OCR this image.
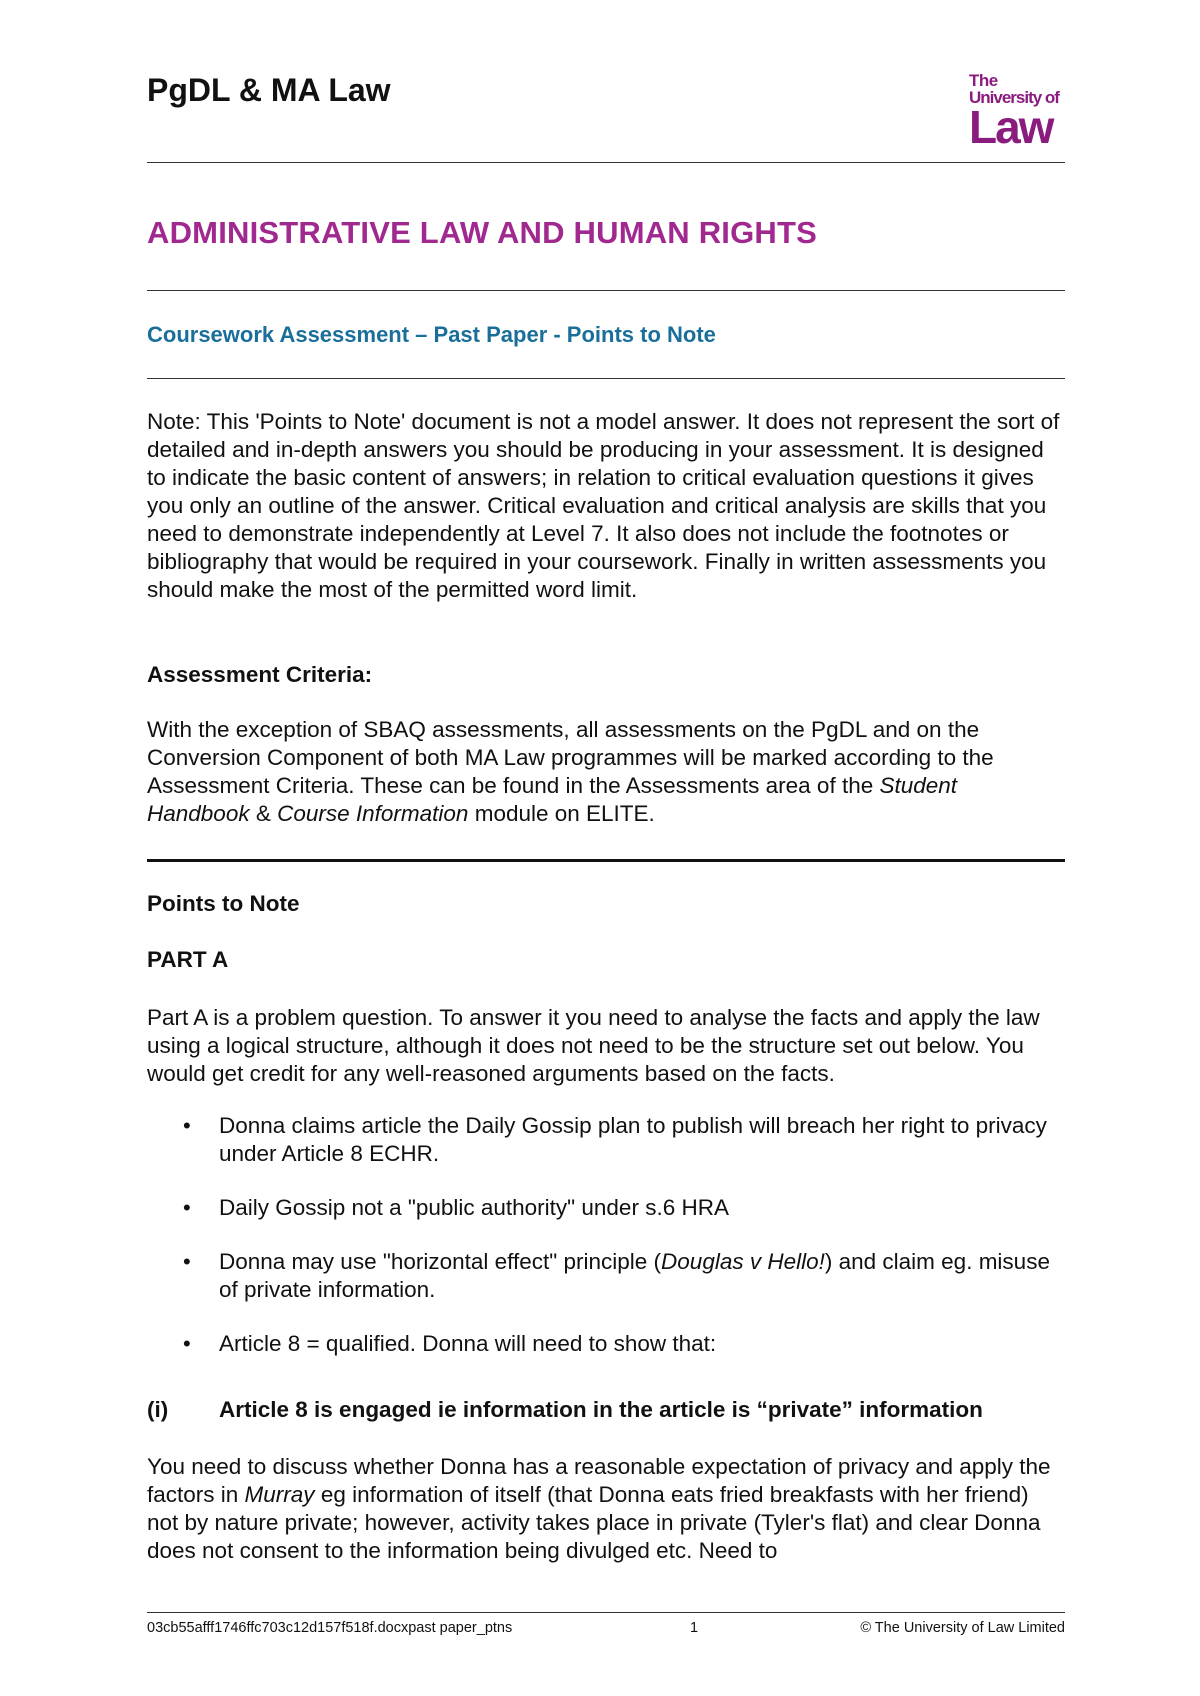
PgDL & MA Law	The
University of
Law
ADMINISTRATIVE LAW AND HUMAN RIGHTS
Coursework Assessment – Past Paper - Points to Note

Note: This 'Points to Note' document is not a model answer. It does not represent the sort of detailed and in-depth answers you should be producing in your assessment. It is designed to indicate the basic content of answers; in relation to critical evaluation questions it gives you only an outline of the answer. Critical evaluation and critical analysis are skills that you need to demonstrate independently at Level 7. It also does not include the footnotes or bibliography that would be required in your coursework. Finally in written assessments you should make the most of the permitted word limit.

Assessment Criteria:

With the exception of SBAQ assessments, all assessments on the PgDL and on the Conversion Component of both MA Law programmes will be marked according to the Assessment Criteria. These can be found in the Assessments area of the Student Handbook & Course Information module on ELITE.

Points to Note

PART A

Part A is a problem question. To answer it you need to analyse the facts and apply the law using a logical structure, although it does not need to be the structure set out below. You would get credit for any well-reasoned arguments based on the facts.

• Donna claims article the Daily Gossip plan to publish will breach her right to privacy under Article 8 ECHR.
• Daily Gossip not a "public authority" under s.6 HRA
• Donna may use "horizontal effect" principle (Douglas v Hello!) and claim eg. misuse of private information.
• Article 8 = qualified. Donna will need to show that:
(i) Article 8 is engaged ie information in the article is “private” information

You need to discuss whether Donna has a reasonable expectation of privacy and apply the factors in Murray eg information of itself (that Donna eats fried breakfasts with her friend) not by nature private; however, activity takes place in private (Tyler's flat) and clear Donna does not consent to the information being divulged etc. Need to

03cb55afff1746ffc703c12d157f518f.docxpast paper_ptns	1	© The University of Law Limited
